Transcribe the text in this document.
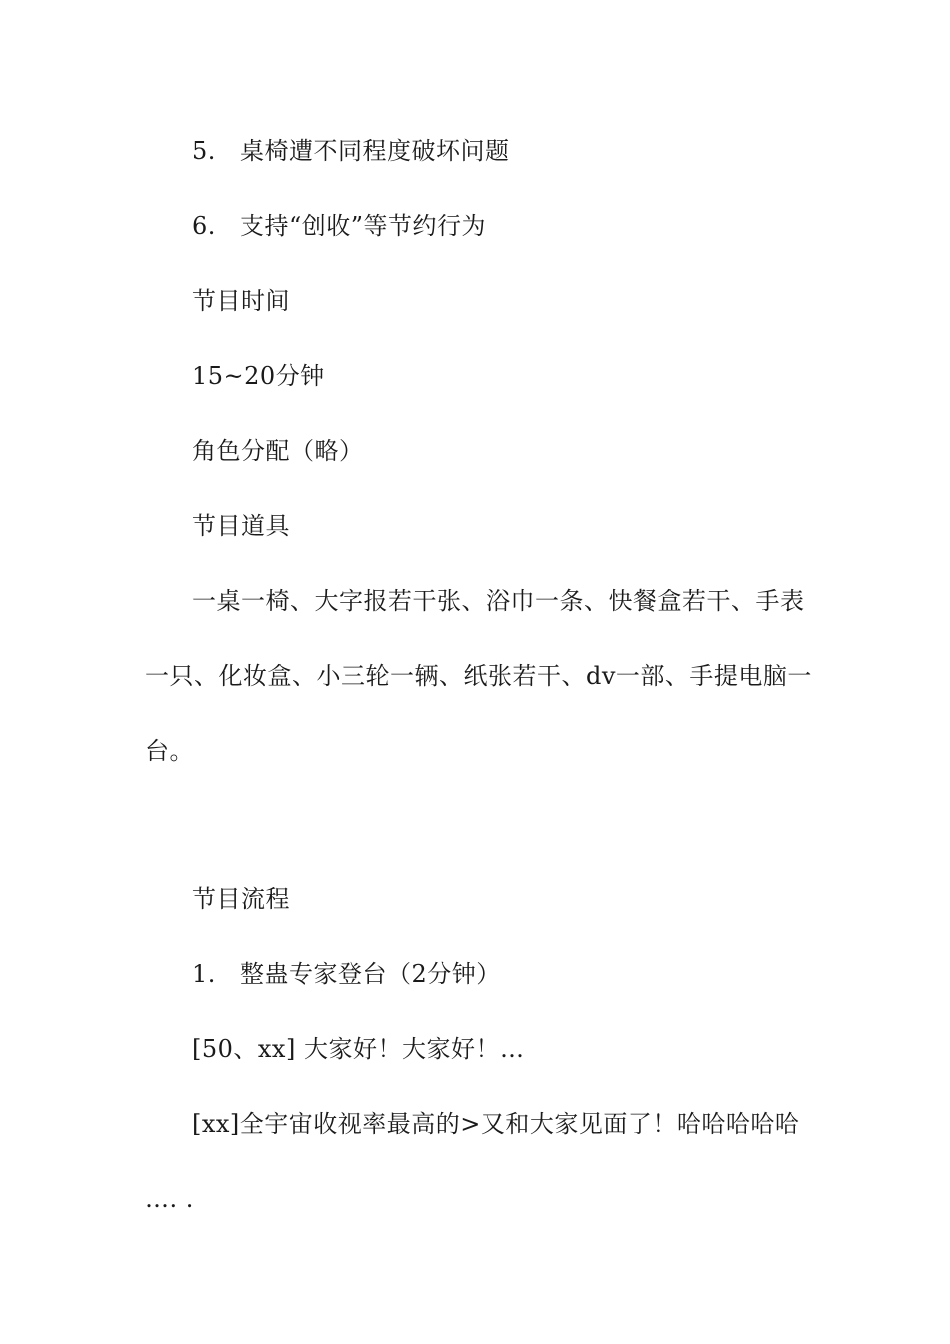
5. 桌椅遭不同程度破坏问题
6. 支持“创收”等节约行为
节目时间
15~20分钟
角色分配（略）
节目道具
一桌一椅、大字报若干张、浴巾一条、快餐盒若干、手表
一只、化妆盒、小三轮一辆、纸张若干、dv一部、手提电脑一
台。
节目流程
1. 整蛊专家登台（2分钟）
[50、xx] 大家好！大家好！…
[xx]全宇宙收视率最高的>又和大家见面了！哈哈哈哈哈
…. .
